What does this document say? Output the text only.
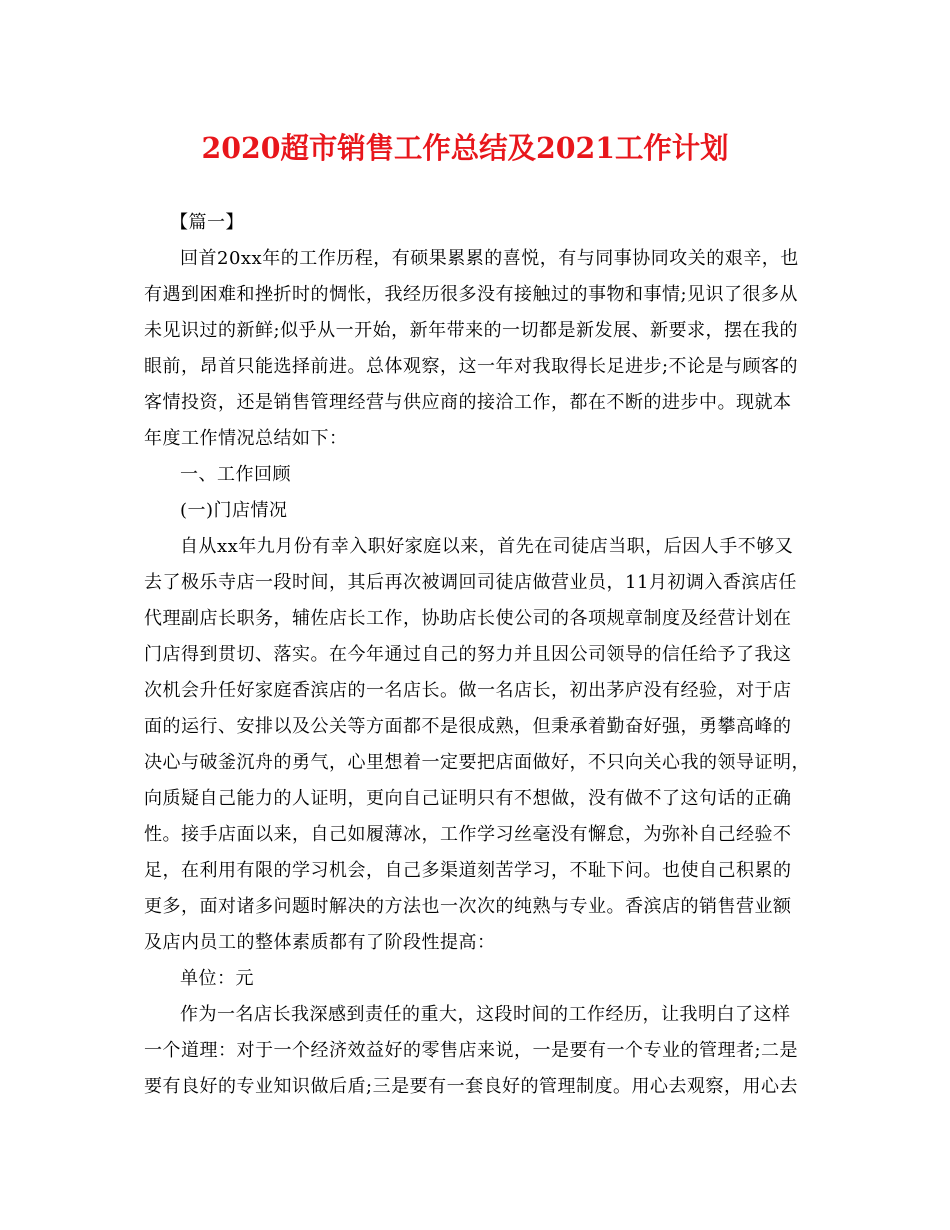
2020超市销售工作总结及2021工作计划
【篇一】
回首20xx年的工作历程，有硕果累累的喜悦，有与同事协同攻关的艰辛，也
有遇到困难和挫折时的惆怅，我经历很多没有接触过的事物和事情;见识了很多从
未见识过的新鲜;似乎从一开始，新年带来的一切都是新发展、新要求，摆在我的
眼前，昂首只能选择前进。总体观察，这一年对我取得长足进步;不论是与顾客的
客情投资，还是销售管理经营与供应商的接洽工作，都在不断的进步中。现就本
年度工作情况总结如下：
一、工作回顾
(一)门店情况
自从xx年九月份有幸入职好家庭以来，首先在司徒店当职，后因人手不够又
去了极乐寺店一段时间，其后再次被调回司徒店做营业员，11月初调入香滨店任
代理副店长职务，辅佐店长工作，协助店长使公司的各项规章制度及经营计划在
门店得到贯切、落实。在今年通过自己的努力并且因公司领导的信任给予了我这
次机会升任好家庭香滨店的一名店长。做一名店长，初出茅庐没有经验，对于店
面的运行、安排以及公关等方面都不是很成熟，但秉承着勤奋好强，勇攀高峰的
决心与破釜沉舟的勇气，心里想着一定要把店面做好，不只向关心我的领导证明，
向质疑自己能力的人证明，更向自己证明只有不想做，没有做不了这句话的正确
性。接手店面以来，自己如履薄冰，工作学习丝毫没有懈怠，为弥补自己经验不
足，在利用有限的学习机会，自己多渠道刻苦学习，不耻下问。也使自己积累的
更多，面对诸多问题时解决的方法也一次次的纯熟与专业。香滨店的销售营业额
及店内员工的整体素质都有了阶段性提高：
单位：元
作为一名店长我深感到责任的重大，这段时间的工作经历，让我明白了这样
一个道理：对于一个经济效益好的零售店来说，一是要有一个专业的管理者;二是
要有良好的专业知识做后盾;三是要有一套良好的管理制度。用心去观察，用心去
